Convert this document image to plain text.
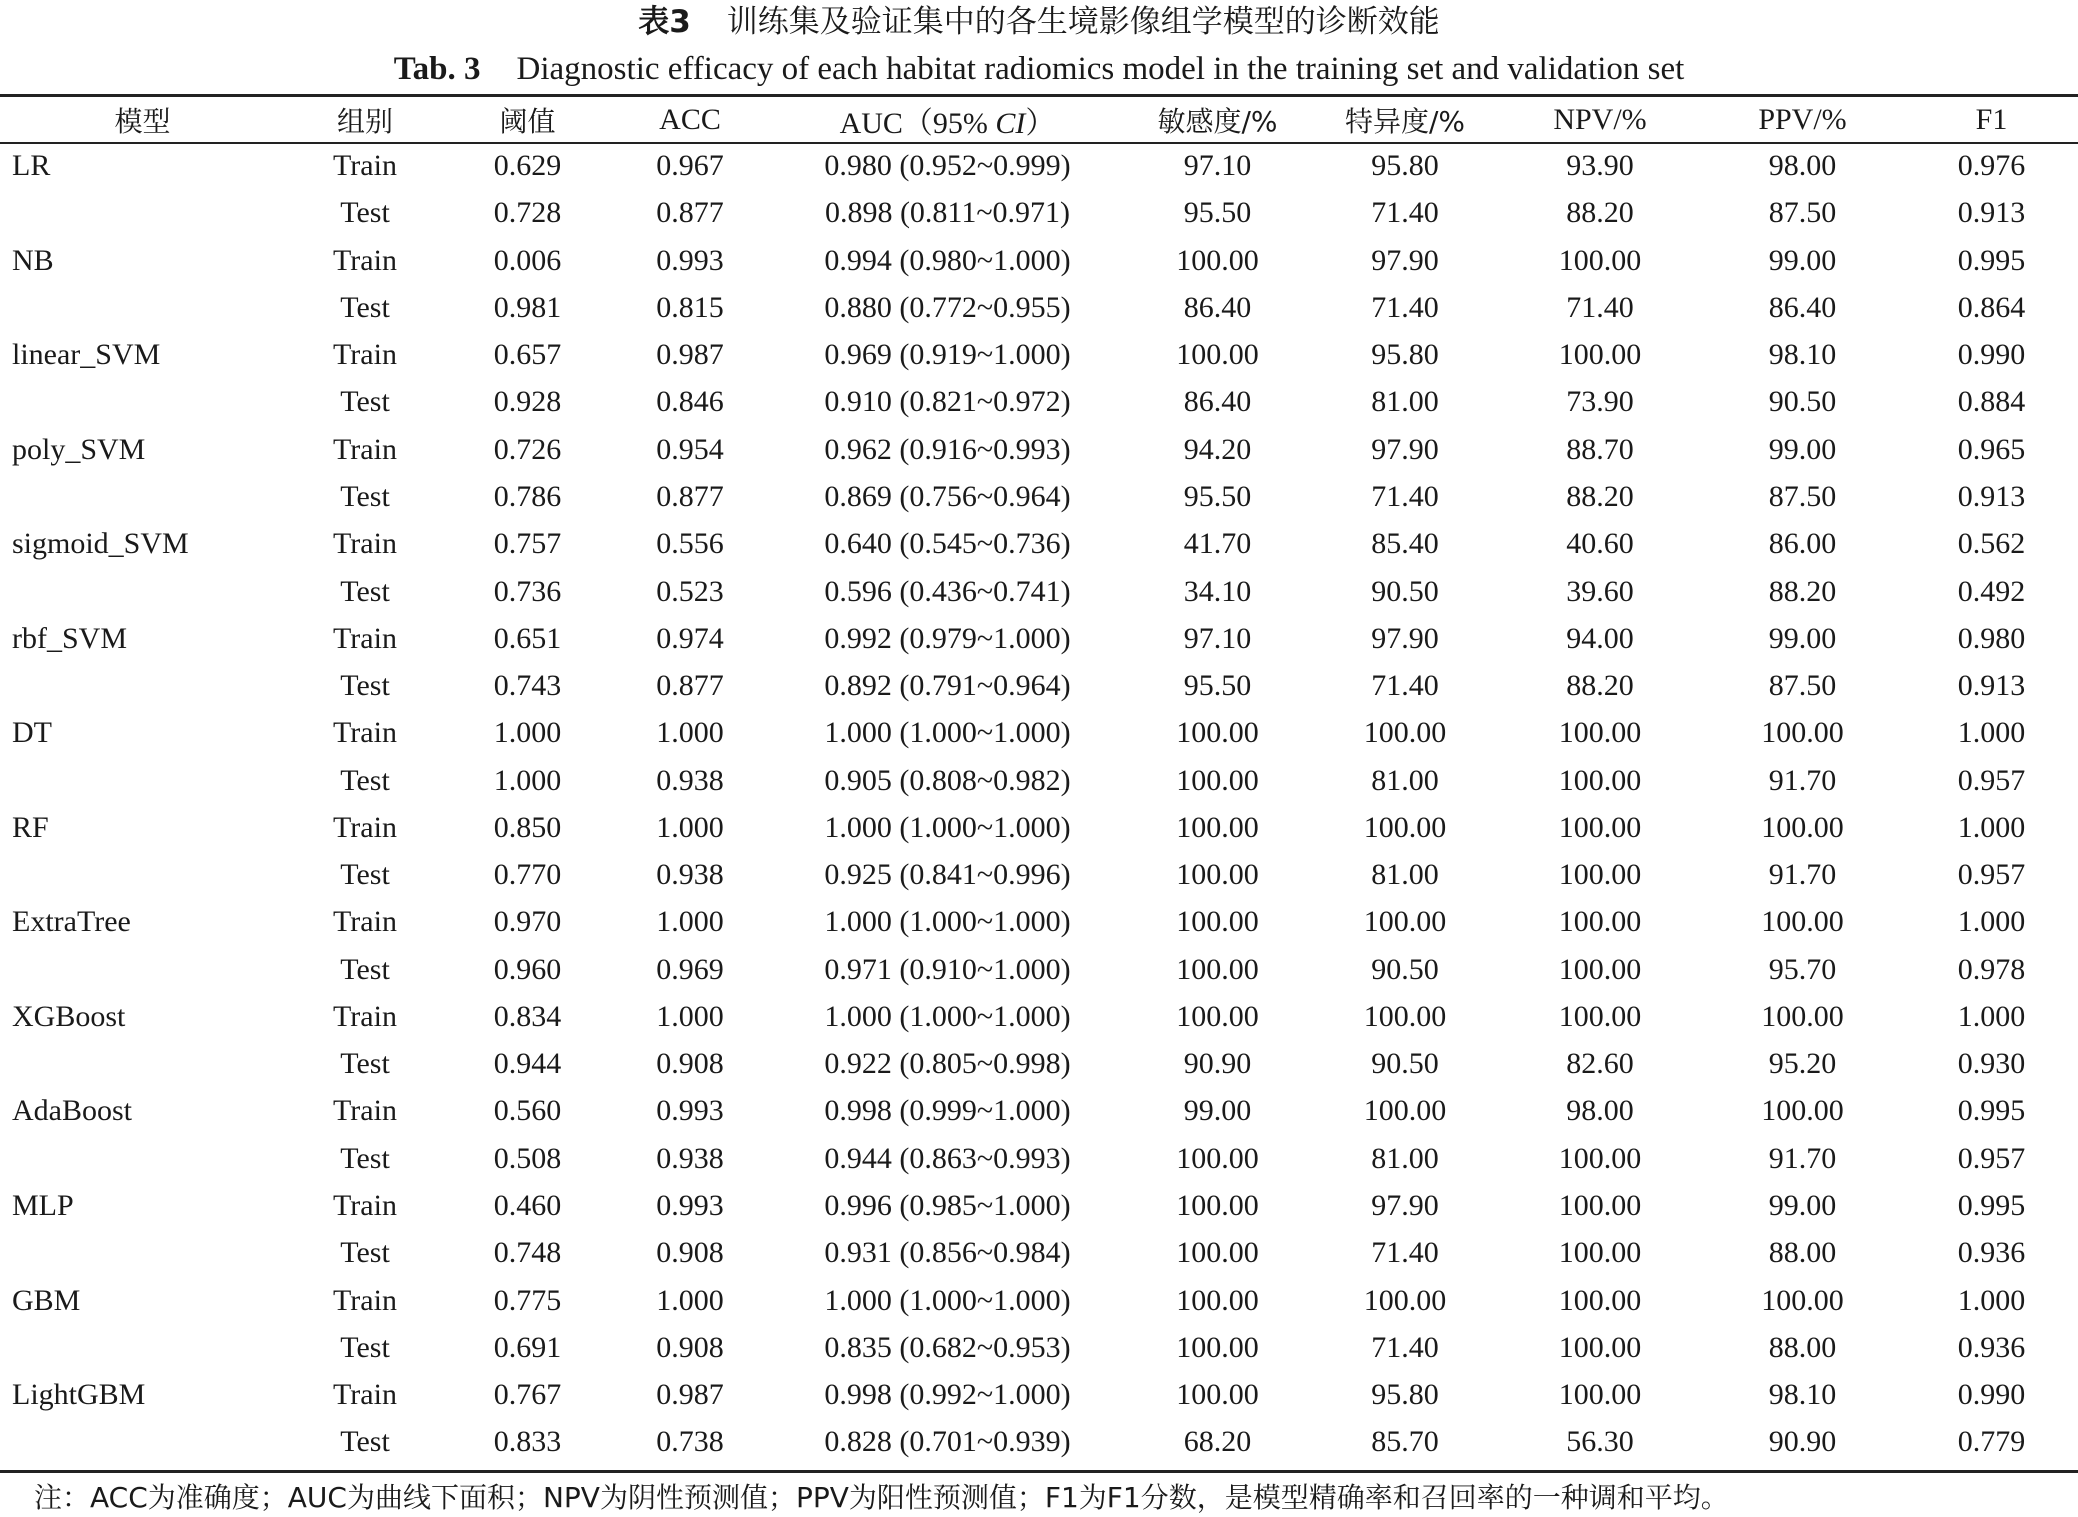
表3 训练集及验证集中的各生境影像组学模型的诊断效能
Tab. 3 Diagnostic efficacy of each habitat radiomics model in the training set and validation set
模型	组别	阈值	ACC	AUC（95% CI）	敏感度/%	特异度/%	NPV/%	PPV/%	F1
LR	Train	0.629	0.967	0.980 (0.952~0.999)	97.10	95.80	93.90	98.00	0.976
	Test	0.728	0.877	0.898 (0.811~0.971)	95.50	71.40	88.20	87.50	0.913
NB	Train	0.006	0.993	0.994 (0.980~1.000)	100.00	97.90	100.00	99.00	0.995
	Test	0.981	0.815	0.880 (0.772~0.955)	86.40	71.40	71.40	86.40	0.864
linear_SVM	Train	0.657	0.987	0.969 (0.919~1.000)	100.00	95.80	100.00	98.10	0.990
	Test	0.928	0.846	0.910 (0.821~0.972)	86.40	81.00	73.90	90.50	0.884
poly_SVM	Train	0.726	0.954	0.962 (0.916~0.993)	94.20	97.90	88.70	99.00	0.965
	Test	0.786	0.877	0.869 (0.756~0.964)	95.50	71.40	88.20	87.50	0.913
sigmoid_SVM	Train	0.757	0.556	0.640 (0.545~0.736)	41.70	85.40	40.60	86.00	0.562
	Test	0.736	0.523	0.596 (0.436~0.741)	34.10	90.50	39.60	88.20	0.492
rbf_SVM	Train	0.651	0.974	0.992 (0.979~1.000)	97.10	97.90	94.00	99.00	0.980
	Test	0.743	0.877	0.892 (0.791~0.964)	95.50	71.40	88.20	87.50	0.913
DT	Train	1.000	1.000	1.000 (1.000~1.000)	100.00	100.00	100.00	100.00	1.000
	Test	1.000	0.938	0.905 (0.808~0.982)	100.00	81.00	100.00	91.70	0.957
RF	Train	0.850	1.000	1.000 (1.000~1.000)	100.00	100.00	100.00	100.00	1.000
	Test	0.770	0.938	0.925 (0.841~0.996)	100.00	81.00	100.00	91.70	0.957
ExtraTree	Train	0.970	1.000	1.000 (1.000~1.000)	100.00	100.00	100.00	100.00	1.000
	Test	0.960	0.969	0.971 (0.910~1.000)	100.00	90.50	100.00	95.70	0.978
XGBoost	Train	0.834	1.000	1.000 (1.000~1.000)	100.00	100.00	100.00	100.00	1.000
	Test	0.944	0.908	0.922 (0.805~0.998)	90.90	90.50	82.60	95.20	0.930
AdaBoost	Train	0.560	0.993	0.998 (0.999~1.000)	99.00	100.00	98.00	100.00	0.995
	Test	0.508	0.938	0.944 (0.863~0.993)	100.00	81.00	100.00	91.70	0.957
MLP	Train	0.460	0.993	0.996 (0.985~1.000)	100.00	97.90	100.00	99.00	0.995
	Test	0.748	0.908	0.931 (0.856~0.984)	100.00	71.40	100.00	88.00	0.936
GBM	Train	0.775	1.000	1.000 (1.000~1.000)	100.00	100.00	100.00	100.00	1.000
	Test	0.691	0.908	0.835 (0.682~0.953)	100.00	71.40	100.00	88.00	0.936
LightGBM	Train	0.767	0.987	0.998 (0.992~1.000)	100.00	95.80	100.00	98.10	0.990
	Test	0.833	0.738	0.828 (0.701~0.939)	68.20	85.70	56.30	90.90	0.779
注：ACC为准确度；AUC为曲线下面积；NPV为阴性预测值；PPV为阳性预测值；F1为F1分数，是模型精确率和召回率的一种调和平均。
